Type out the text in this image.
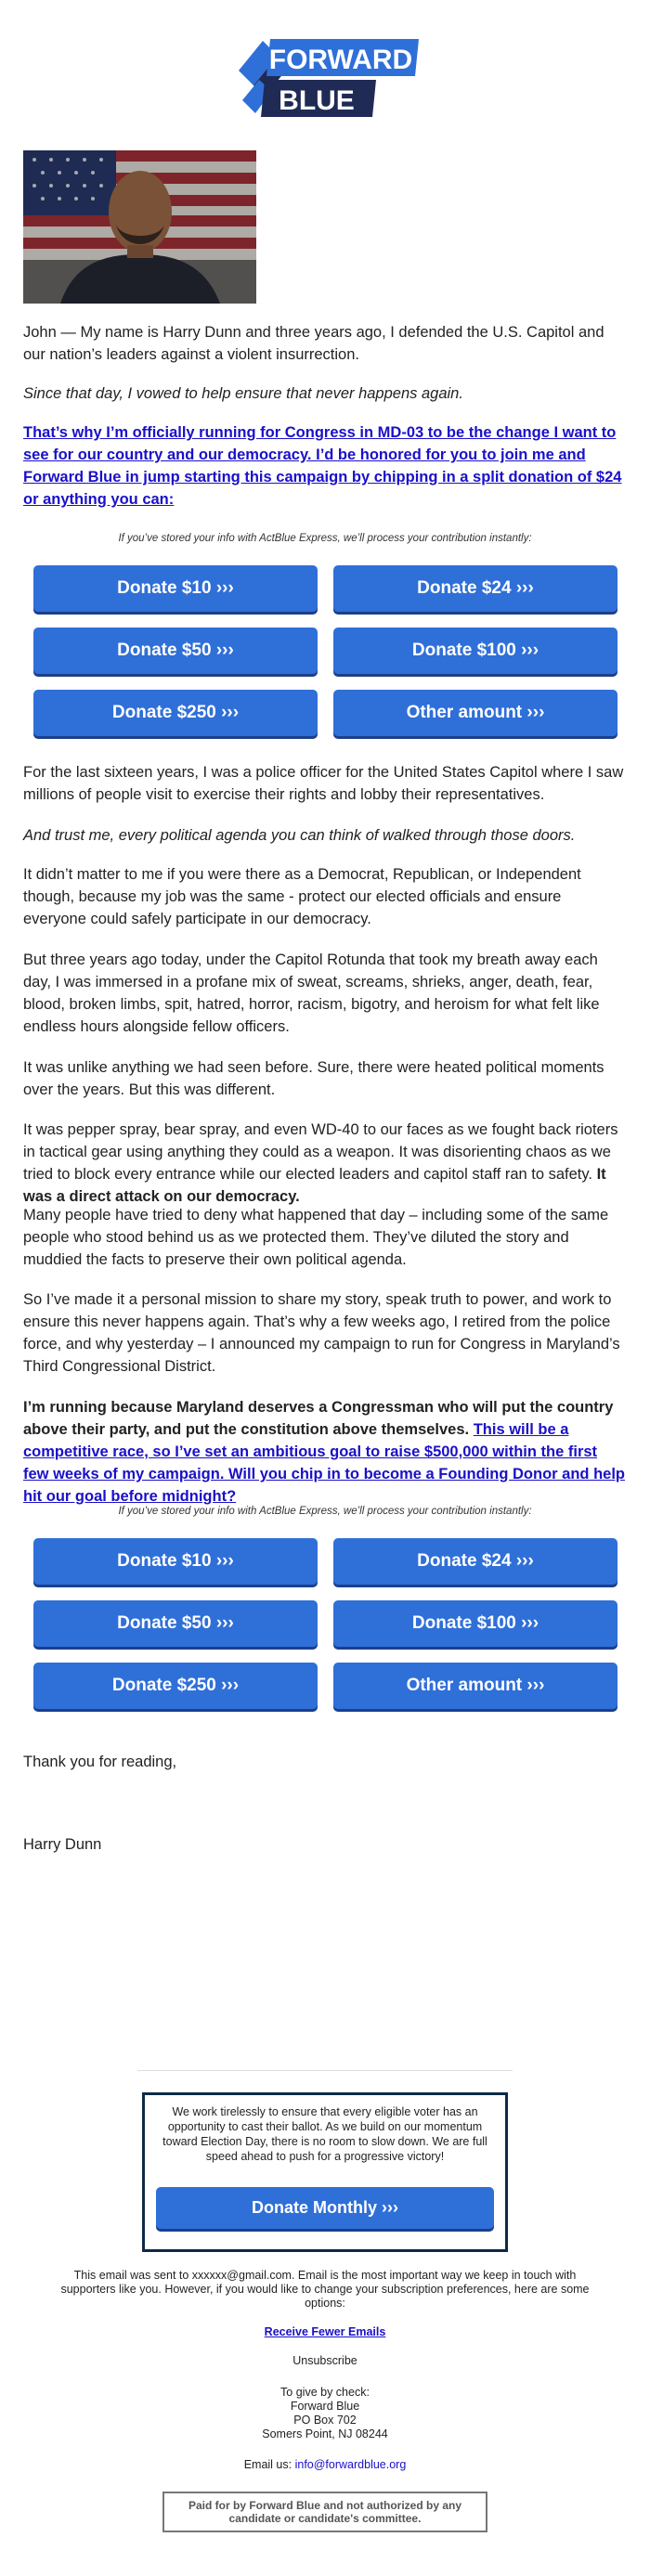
FORWARD
BLUE

John — My name is Harry Dunn and three years ago, I defended the U.S. Capitol and our nation’s leaders against a violent insurrection.

Since that day, I vowed to help ensure that never happens again.

That’s why I’m officially running for Congress in MD-03 to be the change I want to see for our country and our democracy. I’d be honored for you to join me and Forward Blue in jump starting this campaign by chipping in a split donation of $24 or anything you can:

If you’ve stored your info with ActBlue Express, we’ll process your contribution instantly:
Donate $10 ›››	Donate $24 ›››
Donate $50 ›››	Donate $100 ›››
Donate $250 ›››	Other amount ›››

For the last sixteen years, I was a police officer for the United States Capitol where I saw millions of people visit to exercise their rights and lobby their representatives.

And trust me, every political agenda you can think of walked through those doors.

It didn’t matter to me if you were there as a Democrat, Republican, or Independent though, because my job was the same - protect our elected officials and ensure everyone could safely participate in our democracy.

But three years ago today, under the Capitol Rotunda that took my breath away each day, I was immersed in a profane mix of sweat, screams, shrieks, anger, death, fear, blood, broken limbs, spit, hatred, horror, racism, bigotry, and heroism for what felt like endless hours alongside fellow officers.

It was unlike anything we had seen before. Sure, there were heated political moments over the years. But this was different.

It was pepper spray, bear spray, and even WD-40 to our faces as we fought back rioters in tactical gear using anything they could as a weapon. It was disorienting chaos as we tried to block every entrance while our elected leaders and capitol staff ran to safety. It was a direct attack on our democracy.

Many people have tried to deny what happened that day – including some of the same people who stood behind us as we protected them. They’ve diluted the story and muddied the facts to preserve their own political agenda.

So I’ve made it a personal mission to share my story, speak truth to power, and work to ensure this never happens again. That’s why a few weeks ago, I retired from the police force, and why yesterday – I announced my campaign to run for Congress in Maryland’s Third Congressional District.

I’m running because Maryland deserves a Congressman who will put the country above their party, and put the constitution above themselves. This will be a competitive race, so I’ve set an ambitious goal to raise $500,000 within the first few weeks of my campaign. Will you chip in to become a Founding Donor and help hit our goal before midnight?

If you’ve stored your info with ActBlue Express, we’ll process your contribution instantly:
Donate $10 ›››	Donate $24 ›››
Donate $50 ›››	Donate $100 ›››
Donate $250 ›››	Other amount ›››

Thank you for reading,

Harry Dunn

We work tirelessly to ensure that every eligible voter has an opportunity to cast their ballot. As we build on our momentum toward Election Day, there is no room to slow down. We are full speed ahead to push for a progressive victory!

Donate Monthly ›››

This email was sent to xxxxxx@gmail.com. Email is the most important way we keep in touch with supporters like you. However, if you would like to change your subscription preferences, here are some options:

Receive Fewer Emails

Unsubscribe

To give by check:

Forward Blue

PO Box 702

Somers Point, NJ 08244

Email us: info@forwardblue.org

Paid for by Forward Blue and not authorized by any candidate or candidate's committee.
